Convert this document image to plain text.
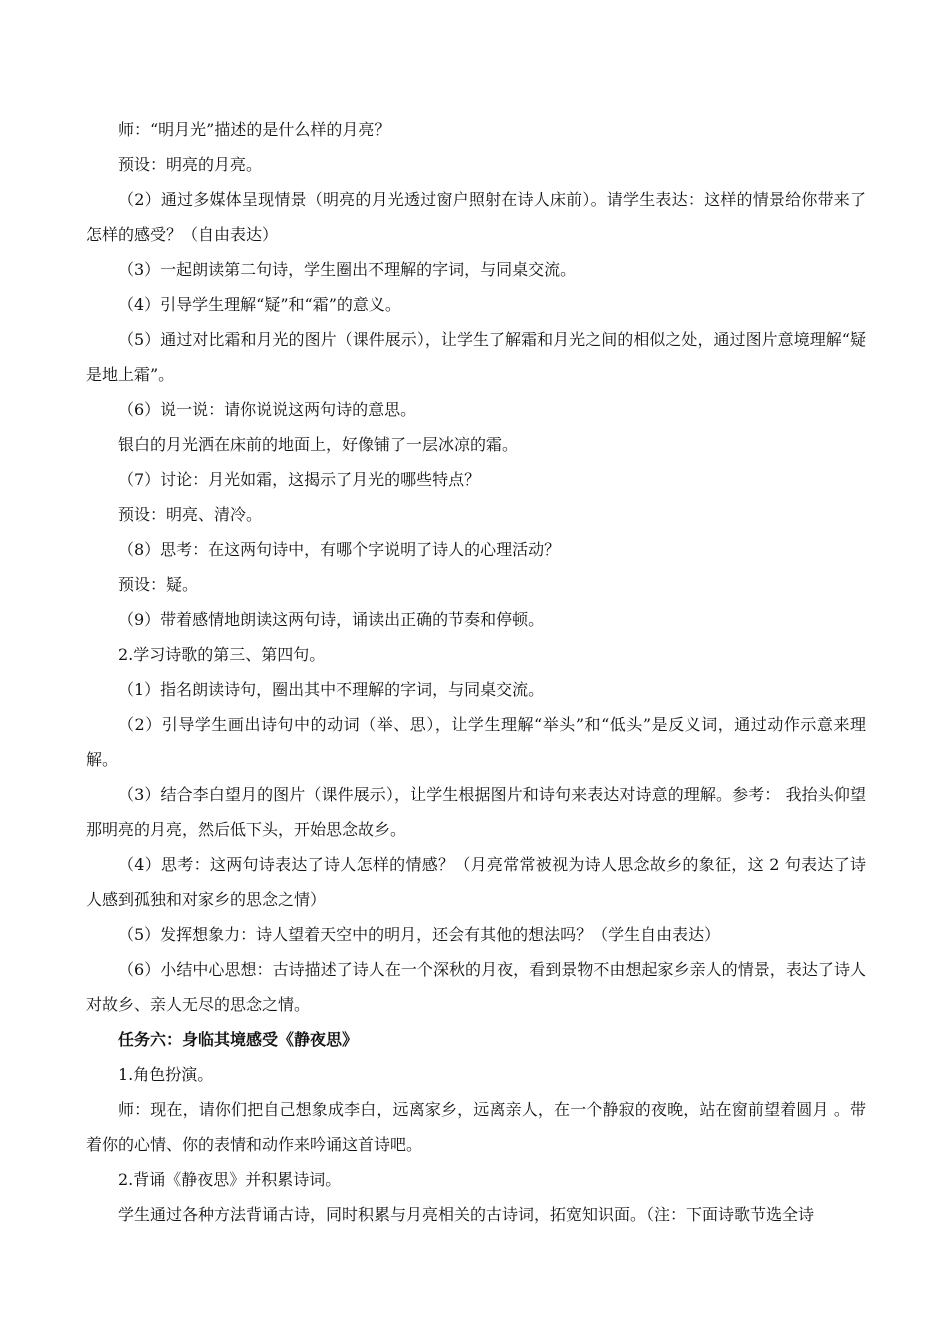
师：“明月光”描述的是什么样的月亮？

预设：明亮的月亮。

（2）通过多媒体呈现情景（明亮的月光透过窗户照射在诗人床前）。请学生表达：这样的情景给你带来了怎样的感受？（自由表达）

（3）一起朗读第二句诗，学生圈出不理解的字词，与同桌交流。

（4）引导学生理解“疑”和“霜”的意义。

（5）通过对比霜和月光的图片（课件展示），让学生了解霜和月光之间的相似之处，通过图片意境理解“疑是地上霜”。

（6）说一说：请你说说这两句诗的意思。

银白的月光洒在床前的地面上，好像铺了一层冰凉的霜。

（7）讨论：月光如霜，这揭示了月光的哪些特点？

预设：明亮、清冷。

（8）思考：在这两句诗中，有哪个字说明了诗人的心理活动？

预设：疑。

（9）带着感情地朗读这两句诗，诵读出正确的节奏和停顿。

2.学习诗歌的第三、第四句。

（1）指名朗读诗句，圈出其中不理解的字词，与同桌交流。

（2）引导学生画出诗句中的动词（举、思），让学生理解“举头”和“低头”是反义词，通过动作示意来理解。

（3）结合李白望月的图片（课件展示），让学生根据图片和诗句来表达对诗意的理解。参考： 我抬头仰望那明亮的月亮，然后低下头，开始思念故乡。

（4）思考：这两句诗表达了诗人怎样的情感？（月亮常常被视为诗人思念故乡的象征，这 2 句表达了诗人感到孤独和对家乡的思念之情）

（5）发挥想象力：诗人望着天空中的明月，还会有其他的想法吗？（学生自由表达）

（6）小结中心思想：古诗描述了诗人在一个深秋的月夜，看到景物不由想起家乡亲人的情景，表达了诗人对故乡、亲人无尽的思念之情。

任务六：身临其境感受《静夜思》

1.角色扮演。

师：现在，请你们把自己想象成李白，远离家乡，远离亲人，在一个静寂的夜晚，站在窗前望着圆月 。带着你的心情、你的表情和动作来吟诵这首诗吧。

2.背诵《静夜思》并积累诗词。

学生通过各种方法背诵古诗，同时积累与月亮相关的古诗词，拓宽知识面。（注：下面诗歌节选全诗
